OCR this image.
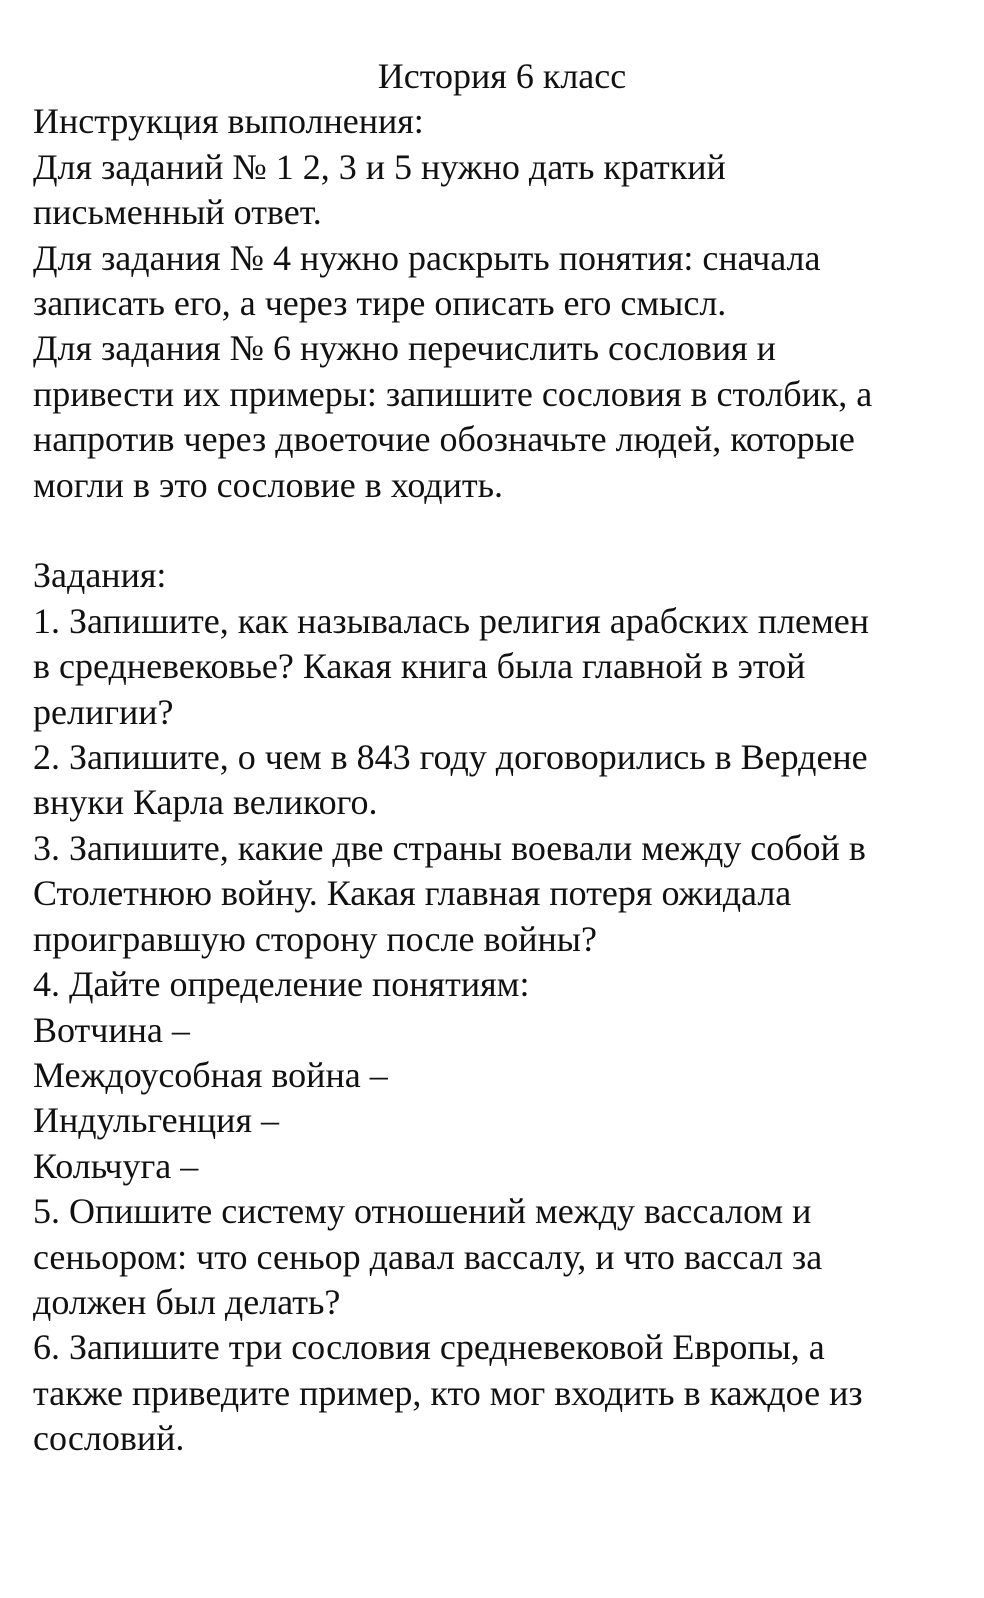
История 6 класс

Инструкция выполнения:

Для заданий № 1 2, 3 и 5 нужно дать краткий

письменный ответ.

Для задания № 4 нужно раскрыть понятия: сначала

записать его, а через тире описать его смысл.

Для задания № 6 нужно перечислить сословия и

привести их примеры: запишите сословия в столбик, а

напротив через двоеточие обозначьте людей, которые

могли в это сословие в ходить.

Задания:

1. Запишите, как называлась религия арабских племен

в средневековье? Какая книга была главной в этой

религии?

2. Запишите, о чем в 843 году договорились в Вердене

внуки Карла великого.

3. Запишите, какие две страны воевали между собой в

Столетнюю войну. Какая главная потеря ожидала

проигравшую сторону после войны?

4. Дайте определение понятиям:

Вотчина –

Междоусобная война –

Индульгенция –

Кольчуга –

5. Опишите систему отношений между вассалом и

сеньором: что сеньор давал вассалу, и что вассал за

должен был делать?

6. Запишите три сословия средневековой Европы, а

также приведите пример, кто мог входить в каждое из

сословий.
